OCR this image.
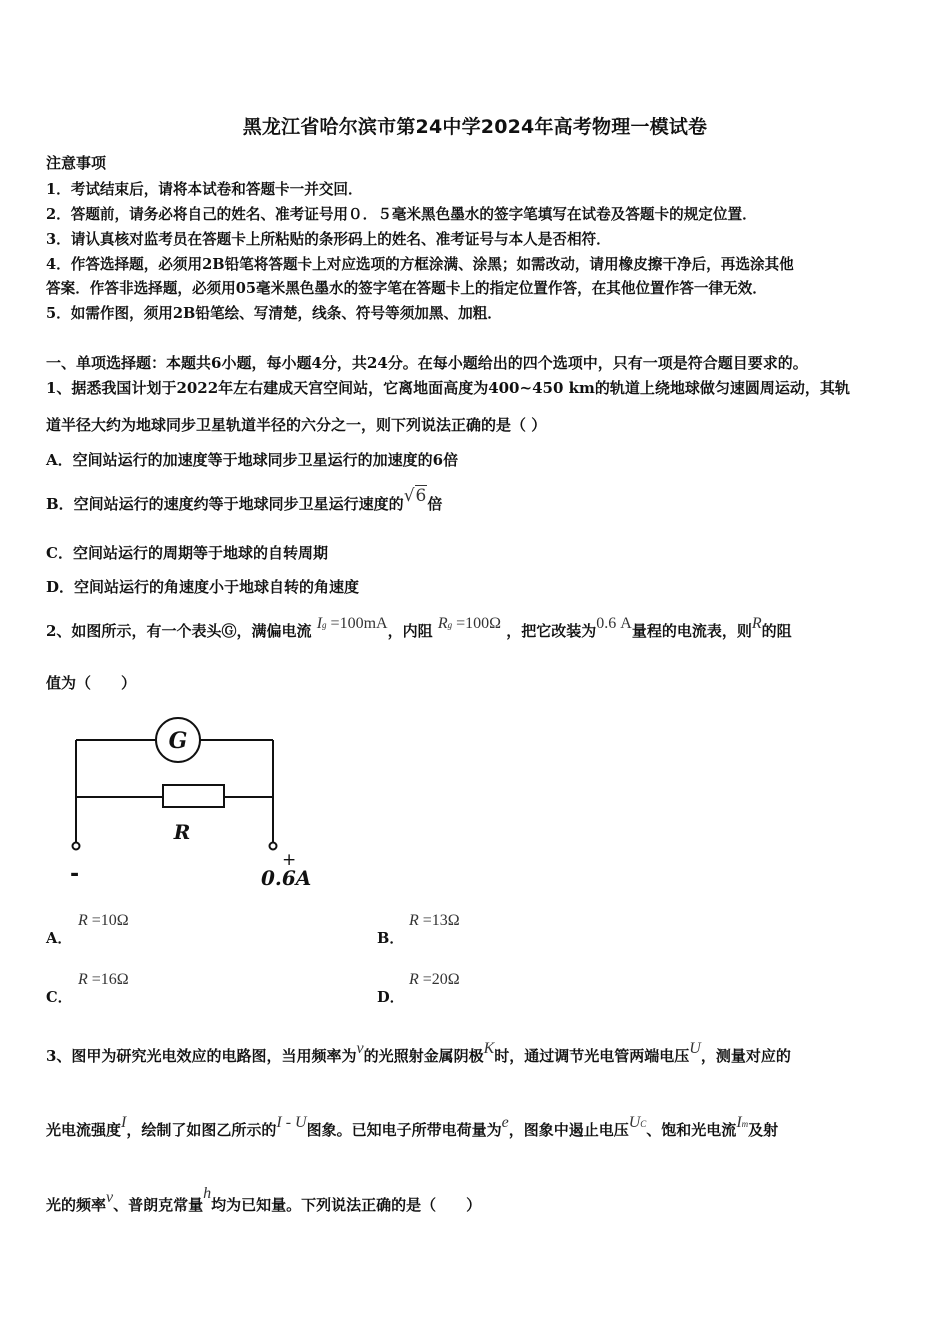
黑龙江省哈尔滨市第24中学2024年高考物理一模试卷
注意事项
1．考试结束后，请将本试卷和答题卡一并交回．
2．答题前，请务必将自己的姓名、准考证号用０．５毫米黑色墨水的签字笔填写在试卷及答题卡的规定位置．
3．请认真核对监考员在答题卡上所粘贴的条形码上的姓名、准考证号与本人是否相符．
4．作答选择题，必须用2B铅笔将答题卡上对应选项的方框涂满、涂黑；如需改动，请用橡皮擦干净后，再选涂其他
答案．作答非选择题，必须用05毫米黑色墨水的签字笔在答题卡上的指定位置作答，在其他位置作答一律无效．
5．如需作图，须用2B铅笔绘、写清楚，线条、符号等须加黑、加粗．
一、单项选择题：本题共6小题，每小题4分，共24分。在每小题给出的四个选项中，只有一项是符合题目要求的。
1、据悉我国计划于2022年左右建成天宫空间站，它离地面高度为400~450 km的轨道上绕地球做匀速圆周运动，其轨
道半径大约为地球同步卫星轨道半径的六分之一，则下列说法正确的是（ ）
A．空间站运行的加速度等于地球同步卫星运行的加速度的6倍
B．空间站运行的速度约等于地球同步卫星运行速度的√6倍
C．空间站运行的周期等于地球的自转周期
D．空间站运行的角速度小于地球自转的角速度
2、如图所示，有一个表头Ⓖ，满偏电流 Ig =100mA，内阻 Rg =100Ω ，把它改装为0.6 A量程的电流表，则R的阻
值为（　　）
G
R
-
+
0.6A
A．
R =10Ω
B．
R =13Ω
C．
R =16Ω
D．
R =20Ω
3、图甲为研究光电效应的电路图，当用频率为v的光照射金属阴极K时，通过调节光电管两端电压U，测量对应的
光电流强度I，绘制了如图乙所示的I - U图象。已知电子所带电荷量为e，图象中遏止电压UC、饱和光电流Im及射
光的频率v、普朗克常量h均为已知量。下列说法正确的是（　　）
